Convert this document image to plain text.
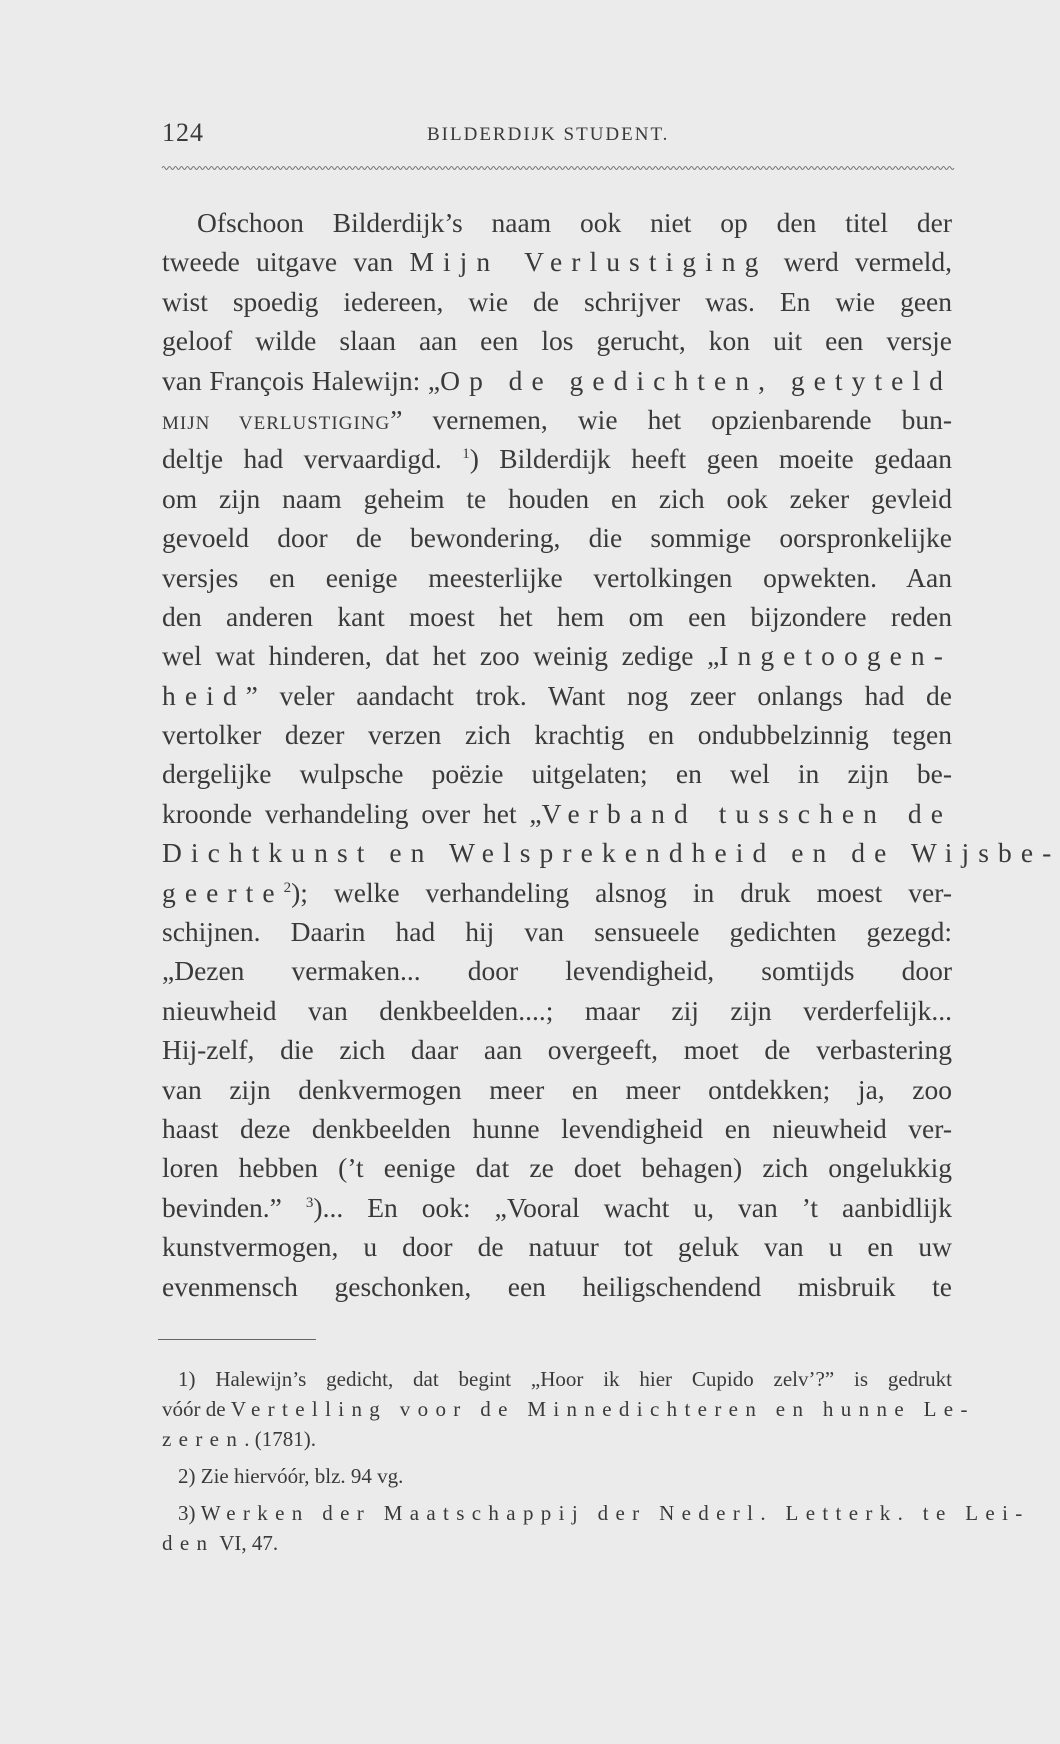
124	BILDERDIJK STUDENT.
Ofschoon Bilderdijk’s naam ook niet op den titel der
tweede uitgave van Mijn Verlustiging werd vermeld,
wist spoedig iedereen, wie de schrijver was. En wie geen
geloof wilde slaan aan een los gerucht, kon uit een versje
van François Halewijn: „Op de gedichten, getyteld
MIJN VERLUSTIGING” vernemen, wie het opzienbarende bun-
deltje had vervaardigd. $^1$) Bilderdijk heeft geen moeite gedaan
om zijn naam geheim te houden en zich ook zeker gevleid
gevoeld door de bewondering, die sommige oorspronkelijke
versjes en eenige meesterlijke vertolkingen opwekten. Aan
den anderen kant moest het hem om een bijzondere reden
wel wat hinderen, dat het zoo weinig zedige „Ingetoogen-
heid” veler aandacht trok. Want nog zeer onlangs had de
vertolker dezer verzen zich krachtig en ondubbelzinnig tegen
dergelijke wulpsche poëzie uitgelaten; en wel in zijn be-
kroonde verhandeling over het „Verband tusschen de
Dichtkunst en Welsprekendheid en de Wijsbe-
geerte$^2$); welke verhandeling alsnog in druk moest ver-
schijnen. Daarin had hij van sensueele gedichten gezegd:
„Dezen vermaken... door levendigheid, somtijds door
nieuwheid van denkbeelden....; maar zij zijn verderfelijk...
Hij-zelf, die zich daar aan overgeeft, moet de verbastering
van zijn denkvermogen meer en meer ontdekken; ja, zoo
haast deze denkbeelden hunne levendigheid en nieuwheid ver-
loren hebben (’t eenige dat ze doet behagen) zich ongelukkig
bevinden.” $^3$)... En ook: „Vooral wacht u, van ’t aanbidlijk
kunstvermogen, u door de natuur tot geluk van u en uw
evenmensch geschonken, een heiligschendend misbruik te
1) Halewijn’s gedicht, dat begint „Hoor ik hier Cupido zelv’?” is gedrukt
vóór de Vertelling voor de Minnedichteren en hunne Le-
zeren. (1781).
2) Zie hiervóór, blz. 94 vg.
3) Werken der Maatschappij der Nederl. Letterk. te Lei-
den VI, 47.
